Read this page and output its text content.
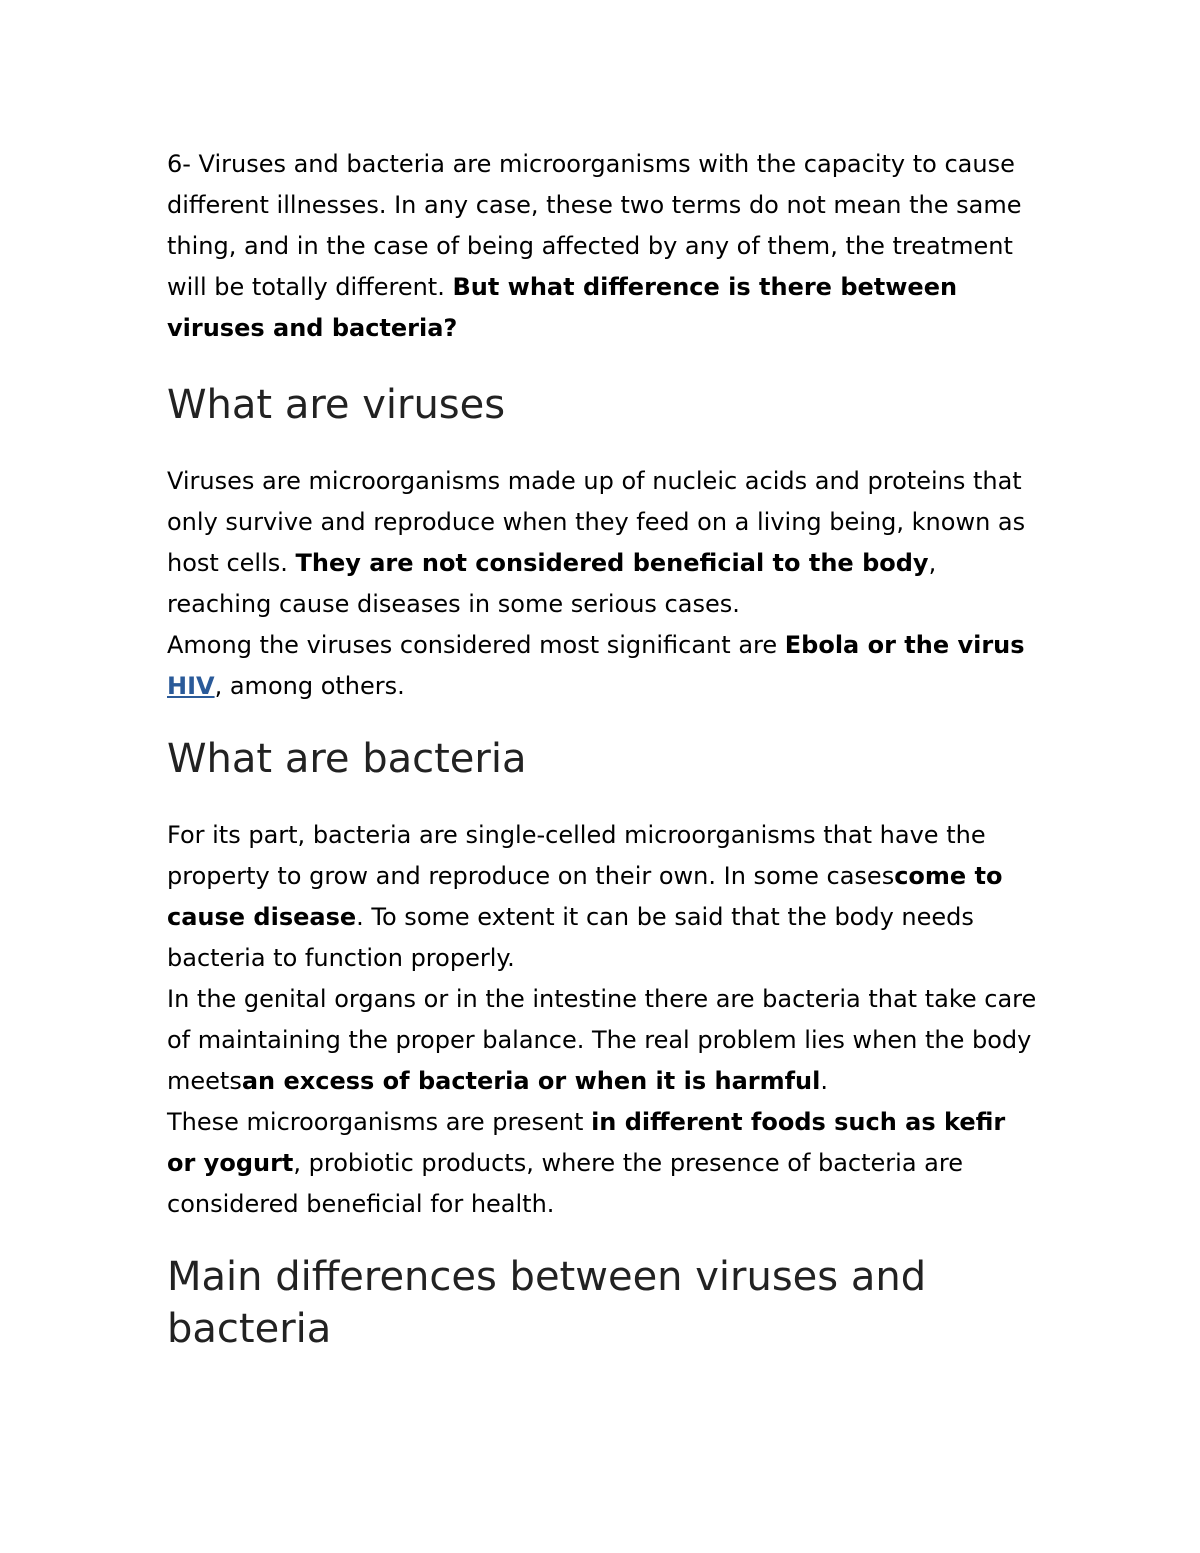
6- Viruses and bacteria are microorganisms with the capacity to cause different illnesses. In any case, these two terms do not mean the same thing, and in the case of being affected by any of them, the treatment will be totally different. But what difference is there between viruses and bacteria?

What are viruses

Viruses are microorganisms made up of nucleic acids and proteins that only survive and reproduce when they feed on a living being, known as host cells. They are not considered beneficial to the body, reaching cause diseases in some serious cases.

Among the viruses considered most significant are Ebola or the virus HIV, among others.

What are bacteria

For its part, bacteria are single-celled microorganisms that have the property to grow and reproduce on their own. In some casescome to cause disease. To some extent it can be said that the body needs bacteria to function properly.

In the genital organs or in the intestine there are bacteria that take care of maintaining the proper balance. The real problem lies when the body meetsan excess of bacteria or when it is harmful.

These microorganisms are present in different foods such as kefir or yogurt, probiotic products, where the presence of bacteria are considered beneficial for health.

Main differences between viruses and bacteria
